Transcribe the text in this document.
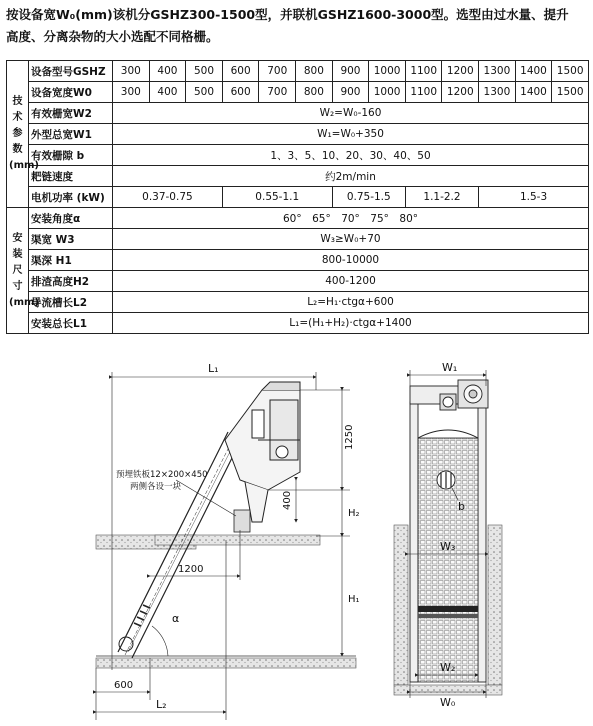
按设备宽W₀(mm)该机分GSHZ300-1500型，并联机GSHZ1600-3000型。选型由过水量、提升
高度、分离杂物的大小选配不同格栅。
技术参数(mm)	设备型号GSHZ	300	400	500	600	700	800	900	1000	1100	1200	1300	1400	1500
	设备宽度W0	300	400	500	600	700	800	900	1000	1100	1200	1300	1400	1500
	有效栅宽W2	W₂=W₀-160												
	外型总宽W1	W₁=W₀+350												
	有效栅隙 b	1、3、5、10、20、30、40、50												
	耙链速度	约2m/min												
	电机功率 (kW)	0.37-0.75			0.55-1.1			0.75-1.5		1.1-2.2		1.5-3		
安装尺寸(mm)	安装角度α	60°　65°　70°　75°　80°												
	渠宽 W3	W₃≥W₀+70												
	渠深 H1	800-10000												
	排渣高度H2	400-1200												
	导流槽长L2	L₂=H₁·ctgα+600												
	安装总长L1	L₁=(H₁+H₂)·ctgα+1400												
L₁
1250
H₂
H₁
400
1200
α
600
L₂
预埋铁板12×200×450
两侧各设一块
W₁
b
W₃
W₂
W₀
